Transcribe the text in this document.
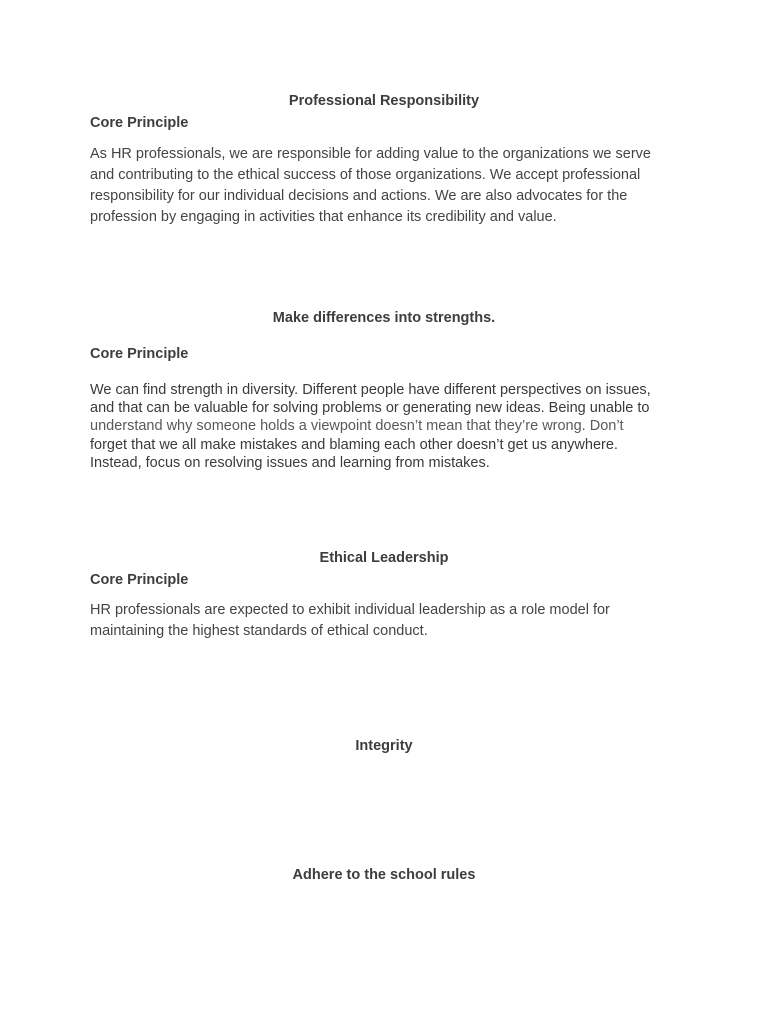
Professional Responsibility
Core Principle
As HR professionals, we are responsible for adding value to the organizations we serve
and contributing to the ethical success of those organizations. We accept professional
responsibility for our individual decisions and actions. We are also advocates for the
profession by engaging in activities that enhance its credibility and value.
Make differences into strengths.
Core Principle
We can find strength in diversity. Different people have different perspectives on issues,
and that can be valuable for solving problems or generating new ideas. Being unable to
understand why someone holds a viewpoint doesn’t mean that they’re wrong. Don’t
forget that we all make mistakes and blaming each other doesn’t get us anywhere.
Instead, focus on resolving issues and learning from mistakes.
Ethical Leadership
Core Principle
HR professionals are expected to exhibit individual leadership as a role model for
maintaining the highest standards of ethical conduct.
Integrity
Adhere to the school rules
